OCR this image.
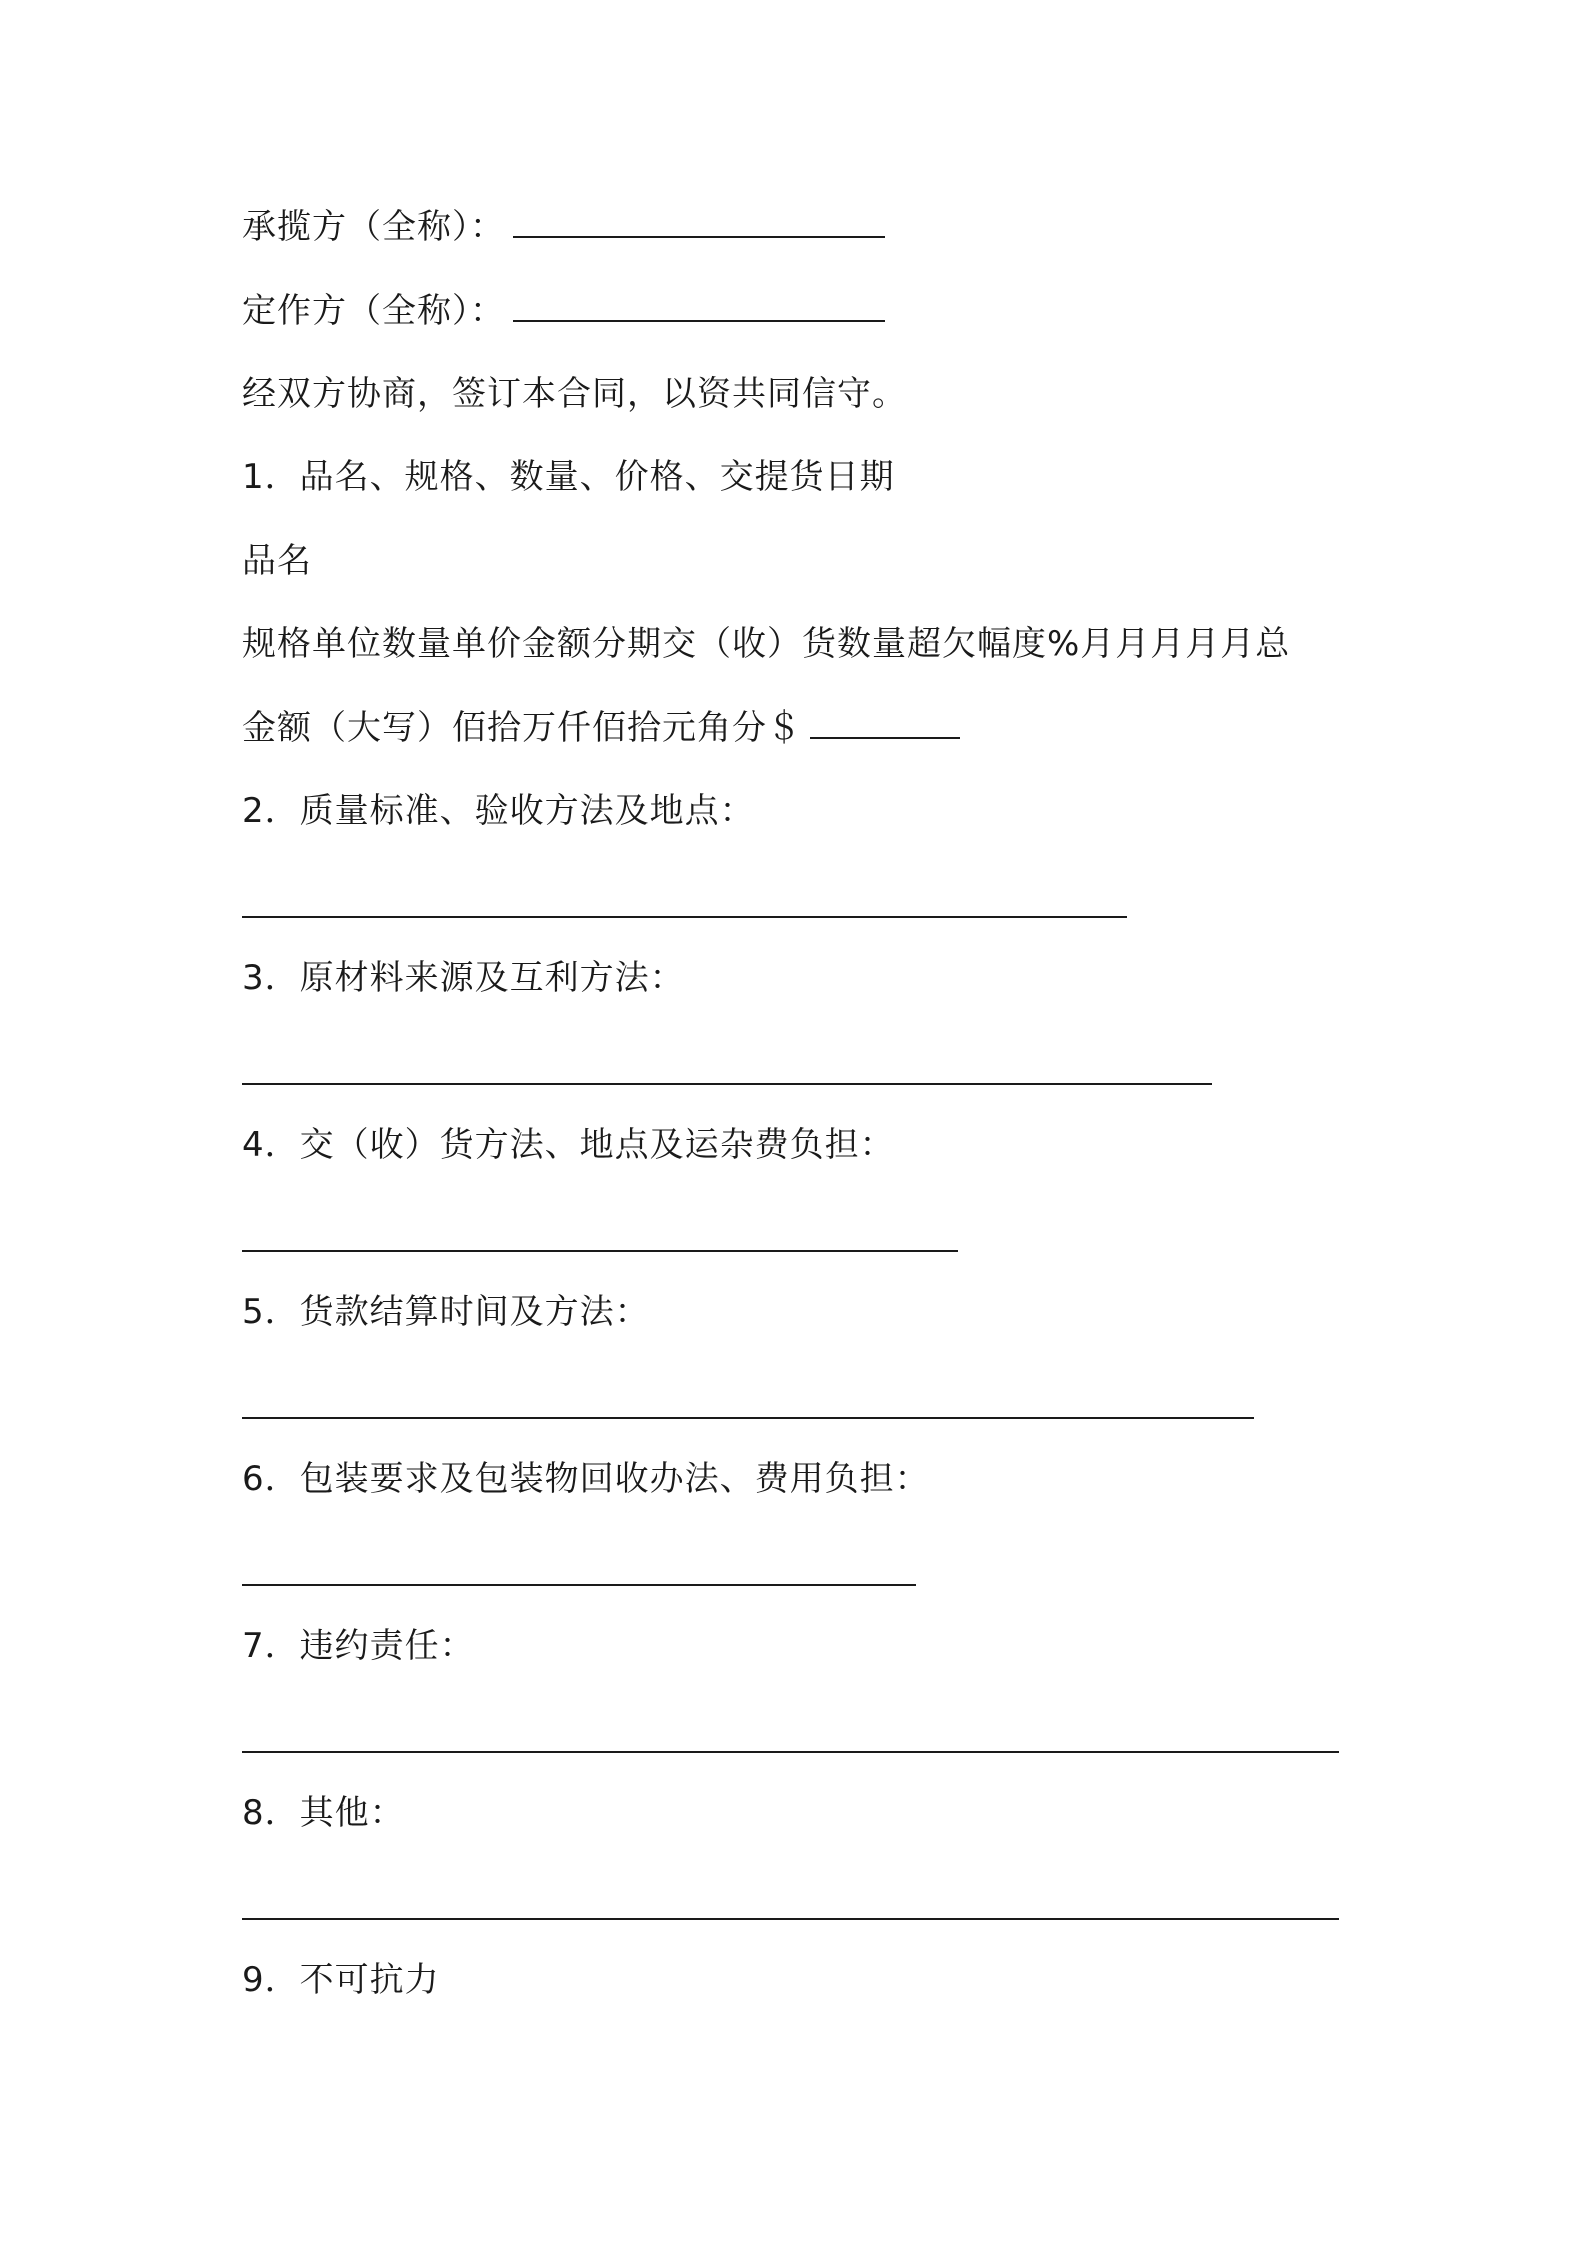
承揽方（全称）：
定作方（全称）：
经双方协商，签订本合同，以资共同信守。
1．品名、规格、数量、价格、交提货日期
品名
规格单位数量单价金额分期交（收）货数量超欠幅度%月月月月月总
金额（大写）佰拾万仟佰拾元角分＄
2．质量标准、验收方法及地点：
3．原材料来源及互利方法：
4．交（收）货方法、地点及运杂费负担：
5．货款结算时间及方法：
6．包装要求及包装物回收办法、费用负担：
7．违约责任：
8．其他：
9．不可抗力
